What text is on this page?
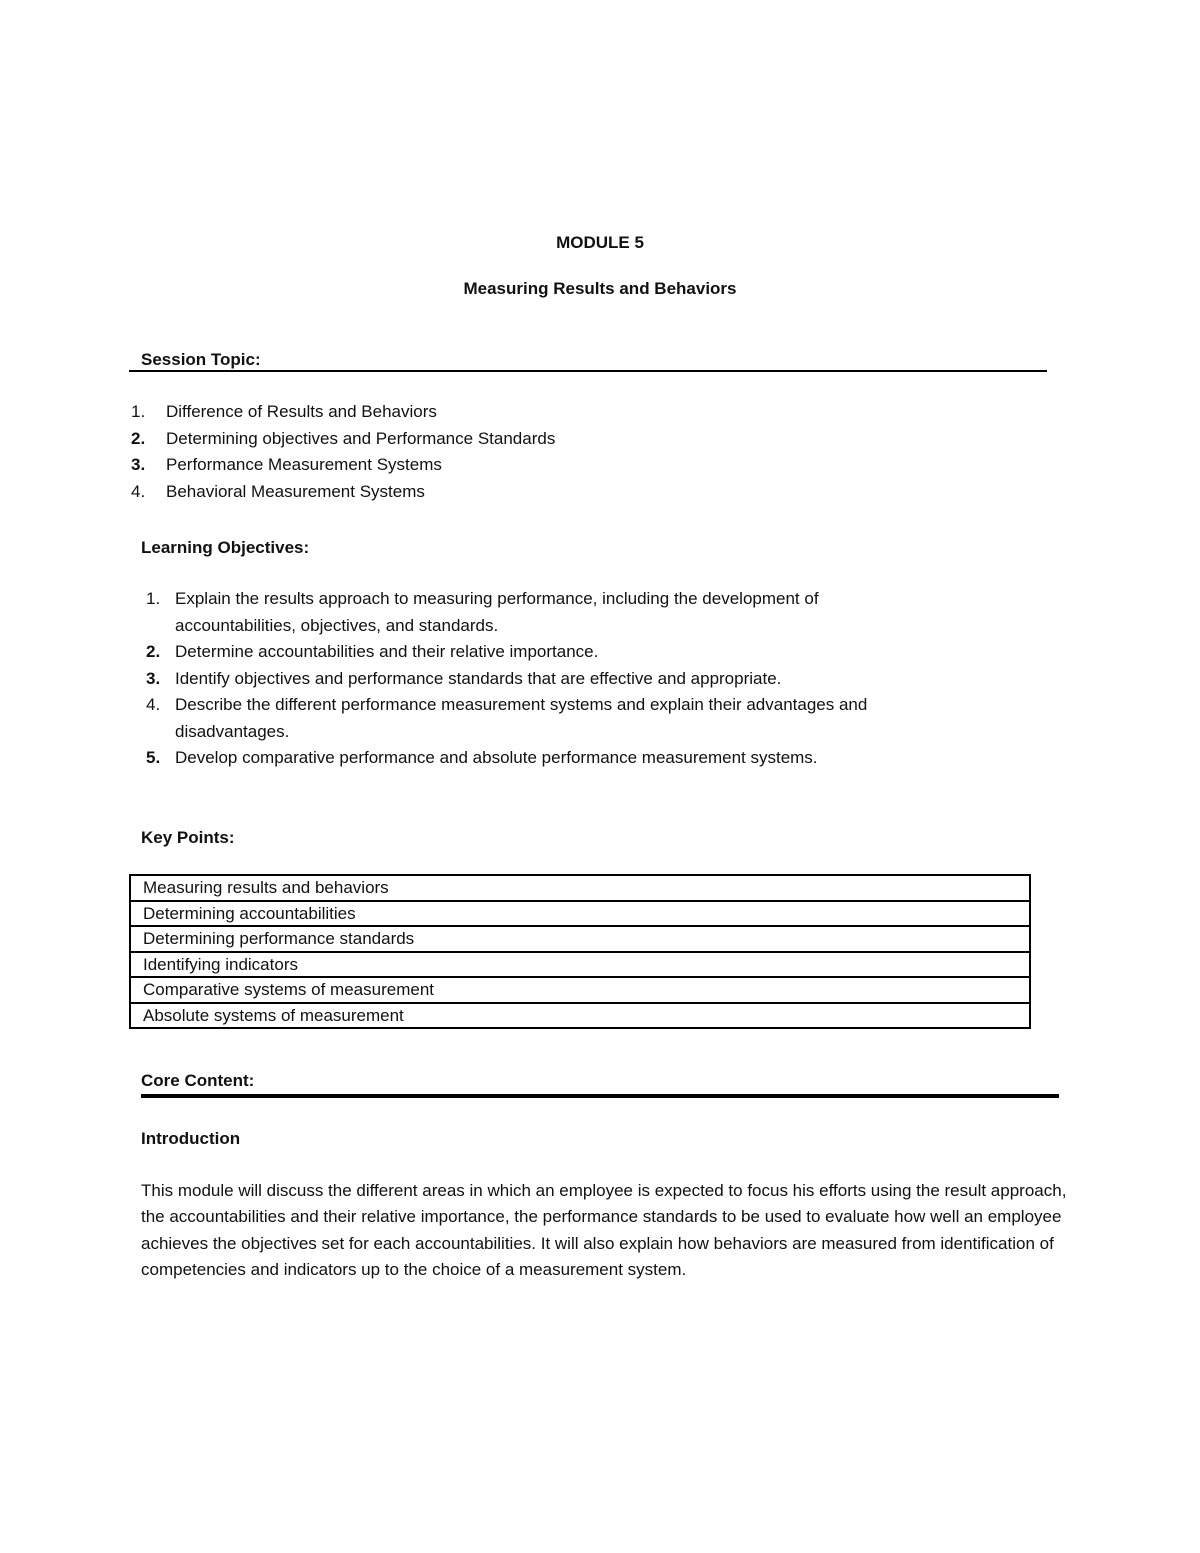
MODULE 5
Measuring Results and Behaviors
Session Topic:
1. Difference of Results and Behaviors
2. Determining objectives and Performance Standards
3. Performance Measurement Systems
4. Behavioral Measurement Systems
Learning Objectives:
1. Explain the results approach to measuring performance, including the development of
accountabilities, objectives, and standards.
2. Determine accountabilities and their relative importance.
3. Identify objectives and performance standards that are effective and appropriate.
4. Describe the different performance measurement systems and explain their advantages and
disadvantages.
5. Develop comparative performance and absolute performance measurement systems.
Key Points:
Measuring results and behaviors
Determining accountabilities
Determining performance standards
Identifying indicators
Comparative systems of measurement
Absolute systems of measurement
Core Content:
Introduction
This module will discuss the different areas in which an employee is expected to focus his efforts using the result approach, the accountabilities and their relative importance, the performance standards to be used to evaluate how well an employee achieves the objectives set for each accountabilities. It will also explain how behaviors are measured from identification of competencies and indicators up to the choice of a measurement system.
